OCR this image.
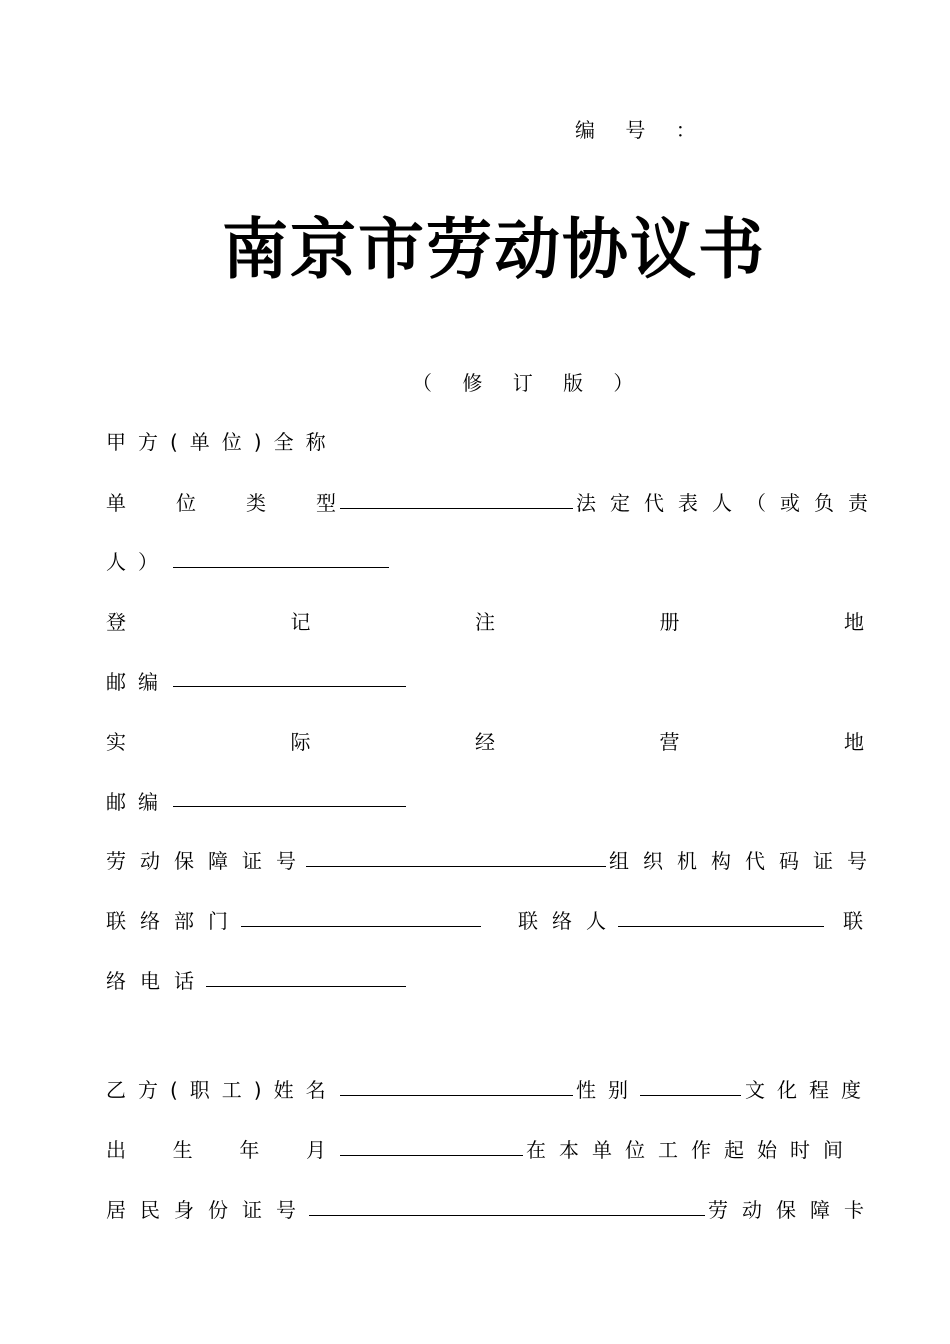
编 号 ：
南京市劳动协议书
（ 修 订 版 ）
甲方(单位)全称
单	位	类	型	法定代表人（或负责
人）
登	记	注	册	地
邮编
实	际	经	营	地
邮编
劳动保障证号	组织机构代码证号
联络部门	联络人	联
络电话
乙方(职工)姓名	性别	文化程度
出 生 年 月	在本单位工作起始时间
居民身份证号	劳动保障卡
